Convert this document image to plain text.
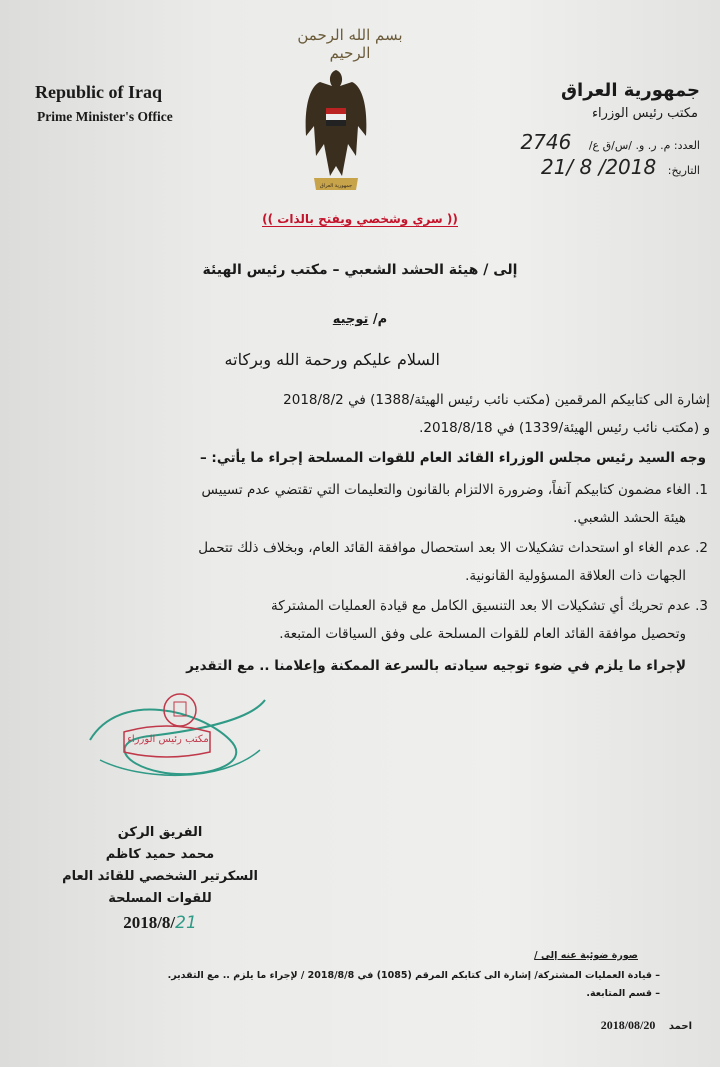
بسم الله الرحمن الرحيم
Republic of Iraq
Prime Minister's Office
جمهورية العراق
جمهورية العراق
مكتب رئيس الوزراء
العدد: م. ر. و. /س/ق ع/ 2746
التاريخ: 21/ 8 /2018
(( سري وشخصي ويفتح بالذات ))
إلى / هيئة الحشد الشعبي – مكتب رئيس الهيئة
م/ توجيه
السلام عليكم ورحمة الله وبركاته
إشارة الى كتابيكم المرقمين (مكتب نائب رئيس الهيئة/1388) في 2018/8/2
و (مكتب نائب رئيس الهيئة/1339) في 2018/8/18.
وجه السيد رئيس مجلس الوزراء القائد العام للقوات المسلحة إجراء ما يأتي: –
1. الغاء مضمون كتابيكم آنفاً، وضرورة الالتزام بالقانون والتعليمات التي تقتضي عدم تسييس
هيئة الحشد الشعبي.
2. عدم الغاء او استحداث تشكيلات الا بعد استحصال موافقة القائد العام، وبخلاف ذلك تتحمل
الجهات ذات العلاقة المسؤولية القانونية.
3. عدم تحريك أي تشكيلات الا بعد التنسيق الكامل مع قيادة العمليات المشتركة
وتحصيل موافقة القائد العام للقوات المسلحة على وفق السياقات المتبعة.
لإجراء ما يلزم في ضوء توجيه سيادته بالسرعة الممكنة وإعلامنا .. مع التقدير
مكتب رئيس الوزراء
الفريق الركن
محمد حميد كاظم
السكرتير الشخصي للقائد العام
للقوات المسلحة
2018/8/21
صورة ضوئية عنه إلى /
– قيادة العمليات المشتركة/ إشارة الى كتابكم المرقم (1085) في 2018/8/8 / لإجراء ما يلزم .. مع التقدير.
– قسم المتابعة.
احمد 2018/08/20
